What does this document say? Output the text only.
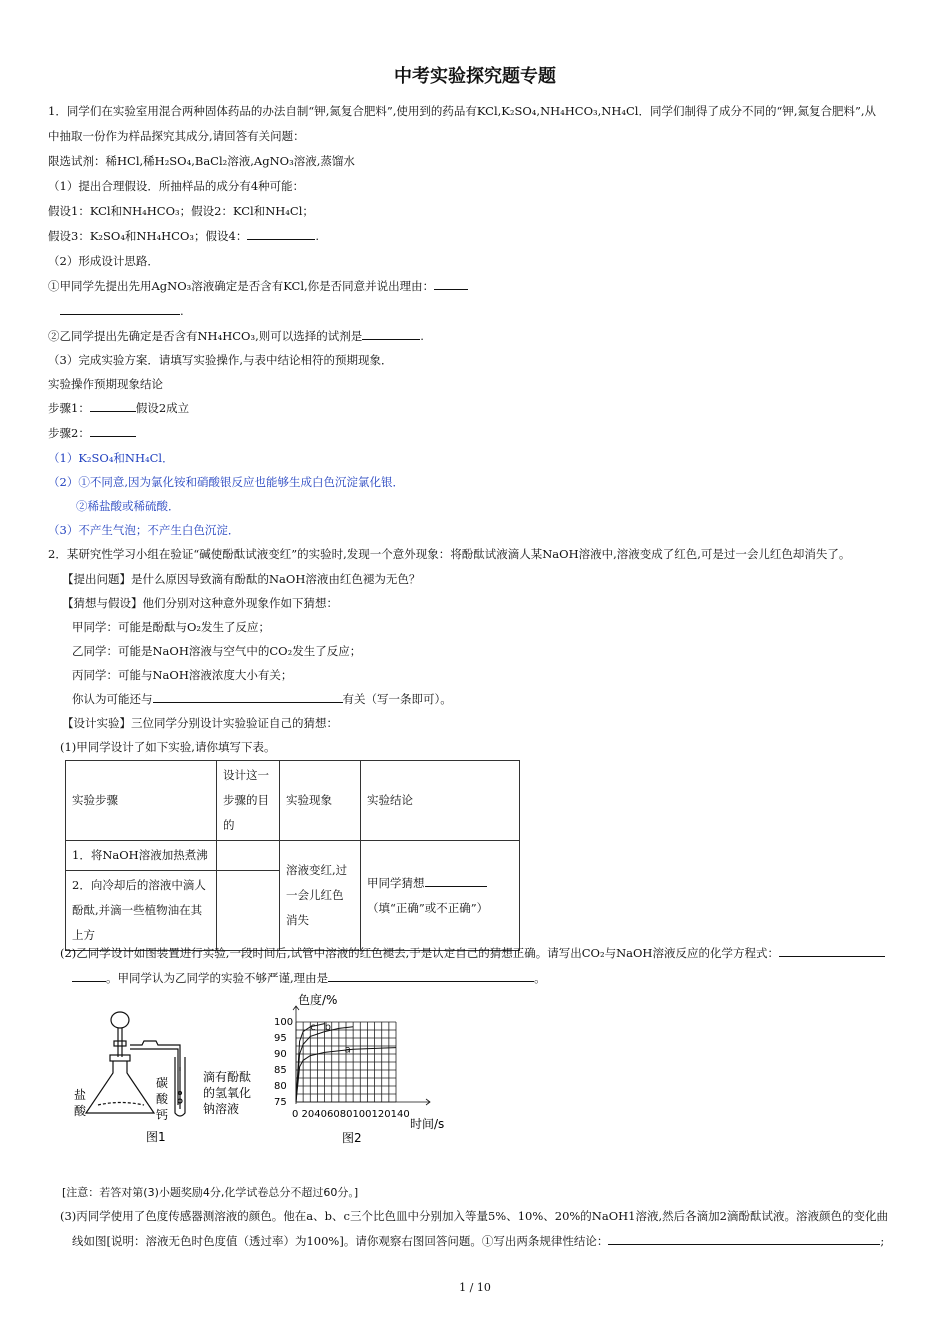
中考实验探究题专题
1．同学们在实验室用混合两种固体药品的办法自制“钾,氮复合肥料”,使用到的药品有KCl,K₂SO₄,NH₄HCO₃,NH₄Cl．同学们制得了成分不同的“钾,氮复合肥料”,从
中抽取一份作为样品探究其成分,请回答有关问题：
限选试剂：稀HCl,稀H₂SO₄,BaCl₂溶液,AgNO₃溶液,蒸馏水
（1）提出合理假设．所抽样品的成分有4种可能：
假设1：KCl和NH₄HCO₃；假设2：KCl和NH₄Cl；
假设3：K₂SO₄和NH₄HCO₃；假设4：	.
（2）形成设计思路．
①甲同学先提出先用AgNO₃溶液确定是否含有KCl,你是否同意并说出理由：
.
②乙同学提出先确定是否含有NH₄HCO₃,则可以选择的试剂是	.
（3）完成实验方案．请填写实验操作,与表中结论相符的预期现象．
实验操作预期现象结论
步骤1：	假设2成立
步骤2：
（1）K₂SO₄和NH₄Cl．
（2）①不同意,因为氯化铵和硝酸银反应也能够生成白色沉淀氯化银．
②稀盐酸或稀硫酸．
（3）不产生气泡；不产生白色沉淀．
2．某研究性学习小组在验证“碱使酚酞试液变红”的实验时,发现一个意外现象：将酚酞试液滴人某NaOH溶液中,溶液变成了红色,可是过一会儿红色却消失了。
【提出问题】是什么原因导致滴有酚酞的NaOH溶液由红色褪为无色？
【猜想与假设】他们分别对这种意外现象作如下猜想：
甲同学：可能是酚酞与O₂发生了反应；
乙同学：可能是NaOH溶液与空气中的CO₂发生了反应；
丙同学：可能与NaOH溶液浓度大小有关；
你认为可能还与	有关（写一条即可）。
【设计实验】三位同学分别设计实验验证自己的猜想：
(1)甲同学设计了如下实验,请你填写下表。
实验步骤	设计这一步骤的目的	实验现象	实验结论
1．将NaOH溶液加热煮沸		溶液变红,过一会儿红色消失	甲同学猜想（填“正确”或不正确”）
2．向冷却后的溶液中滴人酚酞,并滴一些植物油在其上方			
(2)乙同学设计如图装置进行实验,一段时间后,试管中溶液的红色褪去,于是认定自己的猜想正确。请写出CO₂与NaOH溶液反应的化学方程式：
。甲同学认为乙同学的实验不够严谨,理由是	。
盐
酸
碳
酸
钙
滴有酚酞
的氢氧化
钠溶液
图1
a
b
c
100
95
90
85
80
75
色度/%
时间/s
0 20406080100120140
图2
[注意：若答对第(3)小题奖励4分,化学试卷总分不超过60分。]
(3)丙同学使用了色度传感器测溶液的颜色。他在a、b、c三个比色皿中分别加入等量5%、10%、20%的NaOH1溶液,然后各滴加2滴酚酞试液。溶液颜色的变化曲
线如图[说明：溶液无色时色度值（透过率）为100%]。请你观察右图回答问题。①写出两条规律性结论：	;
1 / 10
